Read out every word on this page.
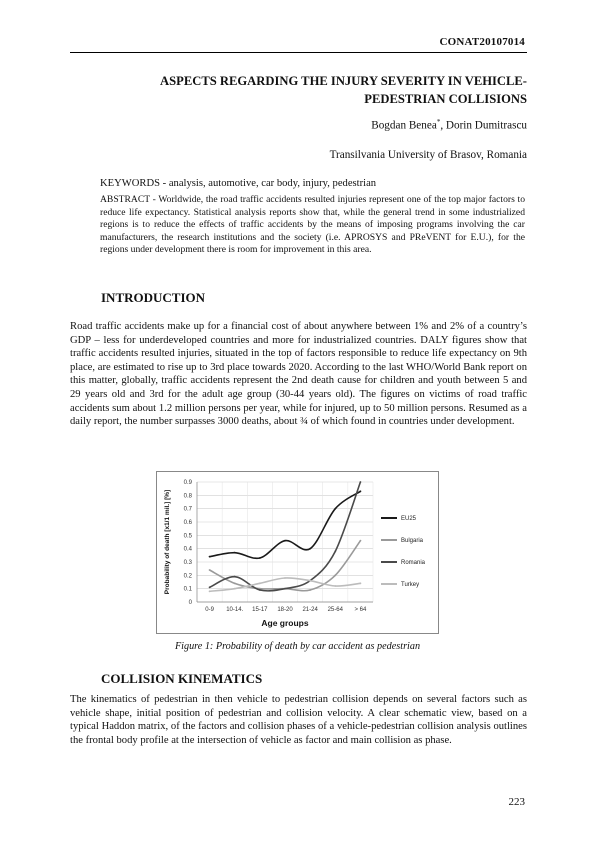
CONAT20107014
ASPECTS REGARDING THE INJURY SEVERITY IN VEHICLE-
PEDESTRIAN COLLISIONS
Bogdan Benea*, Dorin Dumitrascu
Transilvania University of Brasov, Romania
KEYWORDS - analysis, automotive, car body, injury, pedestrian
ABSTRACT - Worldwide, the road traffic accidents resulted injuries represent one of the top major factors to reduce life expectancy. Statistical analysis reports show that, while the general trend in some industrialized regions is to reduce the effects of traffic accidents by the means of imposing programs involving the car manufacturers, the research institutions and the society (i.e. APROSYS and PReVENT for E.U.), for the regions under development there is room for improvement in this area.
INTRODUCTION
Road traffic accidents make up for a financial cost of about anywhere between 1% and 2% of a country’s GDP – less for underdeveloped countries and more for industrialized countries. DALY figures show that traffic accidents resulted injuries, situated in the top of factors responsible to reduce life expectancy on 9th place, are estimated to rise up to 3rd place towards 2020. According to the last WHO/World Bank report on this matter, globally, traffic accidents represent the 2nd death cause for children and youth between 5 and 29 years old and 3rd for the adult age group (30-44 years old). The figures on victims of road traffic accidents sum about 1.2 million persons per year, while for injured, up to 50 million persons. Resumed as a daily report, the number surpasses 3000 deaths, about ¾ of which found in countries under development.
0
0.1
0.2
0.3
0.4
0.5
0.6
0.7
0.8
0.9
0-9 10-14. 15-17 18-20 21-24 25-64 > 64
Age groups
Probability of death [x1/1 mil.] [%]	EU25
Bulgaria
Romania
Turkey
Figure 1: Probability of death by car accident as pedestrian
COLLISION KINEMATICS
The kinematics of pedestrian in then vehicle to pedestrian collision depends on several factors such as vehicle shape, initial position of pedestrian and collision velocity. A clear schematic view, based on a typical Haddon matrix, of the factors and collision phases of a vehicle-pedestrian collision analysis outlines the frontal body profile at the intersection of vehicle as factor and main collision as phase.
223
